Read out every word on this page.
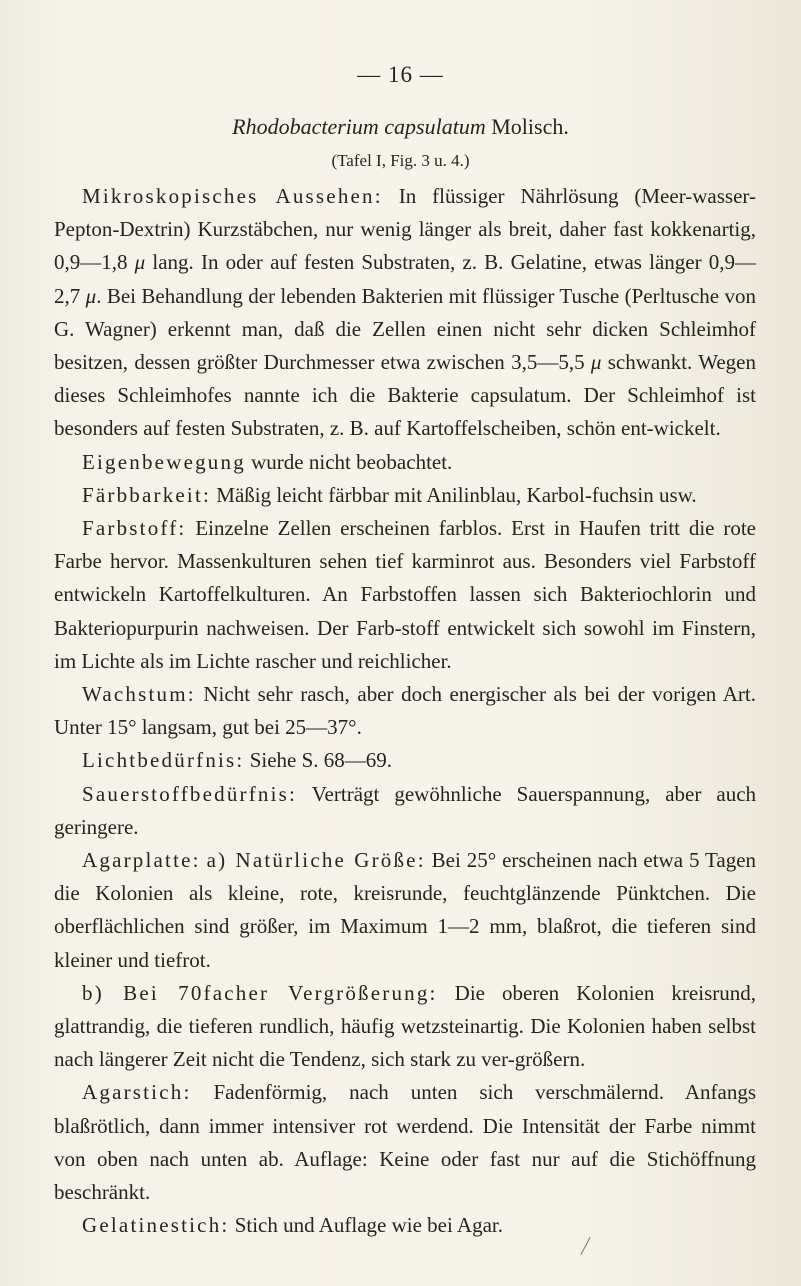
— 16 —
Rhodobacterium capsulatum Molisch.
(Tafel I, Fig. 3 u. 4.)

Mikroskopisches Aussehen: In flüssiger Nährlösung (Meer-wasser-Pepton-Dextrin) Kurzstäbchen, nur wenig länger als breit, daher fast kokkenartig, 0,9—1,8 μ lang. In oder auf festen Substraten, z. B. Gelatine, etwas länger 0,9—2,7 μ. Bei Behandlung der lebenden Bakterien mit flüssiger Tusche (Perltusche von G. Wagner) erkennt man, daß die Zellen einen nicht sehr dicken Schleimhof besitzen, dessen größter Durchmesser etwa zwischen 3,5—5,5 μ schwankt. Wegen dieses Schleimhofes nannte ich die Bakterie capsulatum. Der Schleimhof ist besonders auf festen Substraten, z. B. auf Kartoffelscheiben, schön ent-wickelt.

Eigenbewegung wurde nicht beobachtet.

Färbbarkeit: Mäßig leicht färbbar mit Anilinblau, Karbol-fuchsin usw.

Farbstoff: Einzelne Zellen erscheinen farblos. Erst in Haufen tritt die rote Farbe hervor. Massenkulturen sehen tief karminrot aus. Besonders viel Farbstoff entwickeln Kartoffelkulturen. An Farbstoffen lassen sich Bakteriochlorin und Bakteriopurpurin nachweisen. Der Farb-stoff entwickelt sich sowohl im Finstern, im Lichte als im Lichte rascher und reichlicher.

Wachstum: Nicht sehr rasch, aber doch energischer als bei der vorigen Art. Unter 15° langsam, gut bei 25—37°.

Lichtbedürfnis: Siehe S. 68—69.

Sauerstoffbedürfnis: Verträgt gewöhnliche Sauerspannung, aber auch geringere.

Agarplatte: a) Natürliche Größe: Bei 25° erscheinen nach etwa 5 Tagen die Kolonien als kleine, rote, kreisrunde, feuchtglänzende Pünktchen. Die oberflächlichen sind größer, im Maximum 1—2 mm, blaßrot, die tieferen sind kleiner und tiefrot.

b) Bei 70facher Vergrößerung: Die oberen Kolonien kreisrund, glattrandig, die tieferen rundlich, häufig wetzsteinartig. Die Kolonien haben selbst nach längerer Zeit nicht die Tendenz, sich stark zu ver-größern.

Agarstich: Fadenförmig, nach unten sich verschmälernd. Anfangs blaßrötlich, dann immer intensiver rot werdend. Die Intensität der Farbe nimmt von oben nach unten ab. Auflage: Keine oder fast nur auf die Stichöffnung beschränkt.

Gelatinestich: Stich und Auflage wie bei Agar.
